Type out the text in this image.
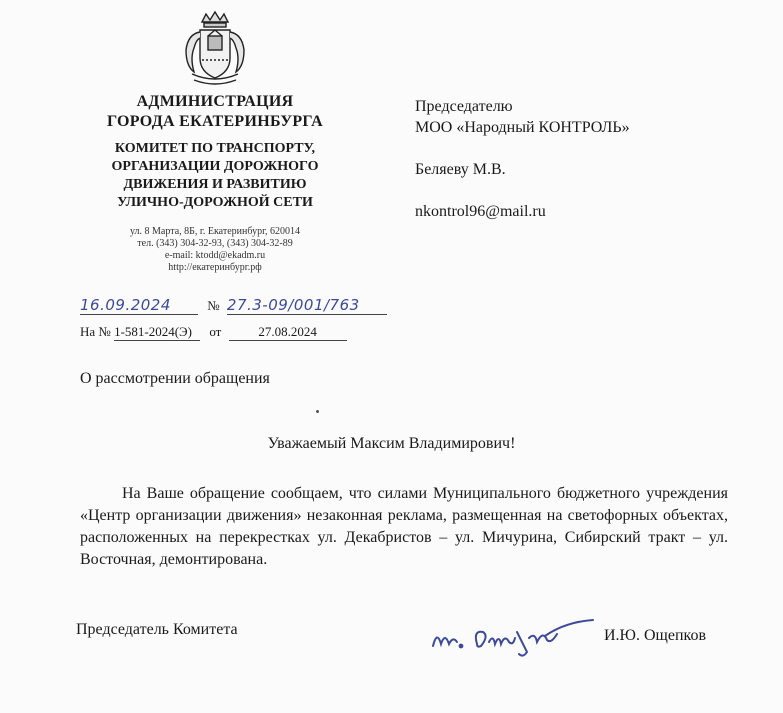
АДМИНИСТРАЦИЯ
ГОРОДА ЕКАТЕРИНБУРГА
КОМИТЕТ ПО ТРАНСПОРТУ,
ОРГАНИЗАЦИИ ДОРОЖНОГО
ДВИЖЕНИЯ И РАЗВИТИЮ
УЛИЧНО-ДОРОЖНОЙ СЕТИ
ул. 8 Марта, 8Б, г. Екатеринбург, 620014
тел. (343) 304-32-93, (343) 304-32-89
e-mail: ktodd@ekadm.ru
http://екатеринбург.рф
Председателю
МОО «Народный КОНТРОЛЬ»
Беляеву М.В.
nkontrol96@mail.ru
16.09.2024	№ 27.3-09/001/763
На № 1-581-2024(Э) от	27.08.2024
О рассмотрении обращения
Уважаемый Максим Владимирович!
На Ваше обращение сообщаем, что силами Муниципального бюджетного учреждения «Центр организации движения» незаконная реклама, размещенная на светофорных объектах, расположенных на перекрестках ул. Декабристов – ул. Мичурина, Сибирский тракт – ул. Восточная, демонтирована.
Председатель Комитета	И.Ю. Ощепков
